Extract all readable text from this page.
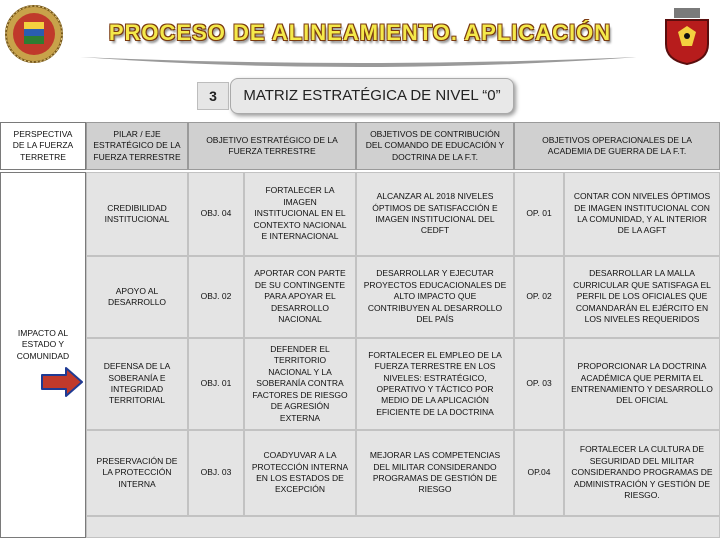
PROCESO DE ALINEAMIENTO. APLICACIÓN
3	MATRIZ ESTRATÉGICA DE NIVEL “0”
PERSPECTIVA DE LA FUERZA TERRETRE
PILAR / EJE ESTRATÉGICO DE LA FUERZA TERRESTRE
OBJETIVO ESTRATÉGICO DE LA FUERZA TERRESTRE
OBJETIVOS DE CONTRIBUCIÓN DEL COMANDO DE EDUCACIÓN Y DOCTRINA DE LA F.T.
OBJETIVOS OPERACIONALES DE LA ACADEMIA DE GUERRA DE LA F.T.
IMPACTO AL ESTADO Y COMUNIDAD
CREDIBILIDAD INSTITUCIONAL
OBJ. 04
FORTALECER LA IMAGEN INSTITUCIONAL EN EL CONTEXTO NACIONAL E INTERNACIONAL
ALCANZAR AL 2018 NIVELES ÓPTIMOS DE SATISFACCIÓN E IMAGEN INSTITUCIONAL DEL CEDFT
OP. 01
CONTAR CON NIVELES ÓPTIMOS DE IMAGEN INSTITUCIONAL CON LA COMUNIDAD, Y AL INTERIOR DE LA AGFT
APOYO AL DESARROLLO
OBJ. 02
APORTAR CON PARTE DE SU CONTINGENTE PARA APOYAR EL DESARROLLO NACIONAL
DESARROLLAR Y EJECUTAR PROYECTOS EDUCACIONALES DE ALTO IMPACTO QUE CONTRIBUYEN AL DESARROLLO DEL PAÍS
OP. 02
DESARROLLAR LA MALLA CURRICULAR QUE SATISFAGA EL PERFIL DE LOS OFICIALES QUE COMANDARÁN EL EJÉRCITO EN LOS NIVELES REQUERIDOS
DEFENSA DE LA SOBERANÍA E INTEGRIDAD TERRITORIAL
OBJ. 01
DEFENDER EL TERRITORIO NACIONAL Y LA SOBERANÍA CONTRA FACTORES DE RIESGO DE AGRESIÓN EXTERNA
FORTALECER EL EMPLEO DE LA FUERZA TERRESTRE EN LOS NIVELES: ESTRATÉGICO, OPERATIVO Y TÁCTICO POR MEDIO DE LA APLICACIÓN EFICIENTE DE LA DOCTRINA
OP. 03
PROPORCIONAR LA DOCTRINA ACADÉMICA QUE PERMITA EL ENTRENAMIENTO Y DESARROLLO DEL OFICIAL
PRESERVACIÓN DE LA PROTECCIÓN INTERNA
OBJ. 03
COADYUVAR A LA PROTECCIÓN INTERNA EN LOS ESTADOS DE EXCEPCIÓN
MEJORAR LAS COMPETENCIAS DEL MILITAR CONSIDERANDO PROGRAMAS DE GESTIÓN DE RIESGO
OP.04
FORTALECER LA CULTURA DE SEGURIDAD DEL MILITAR CONSIDERANDO PROGRAMAS DE ADMINISTRACIÓN Y GESTIÓN DE RIESGO.
